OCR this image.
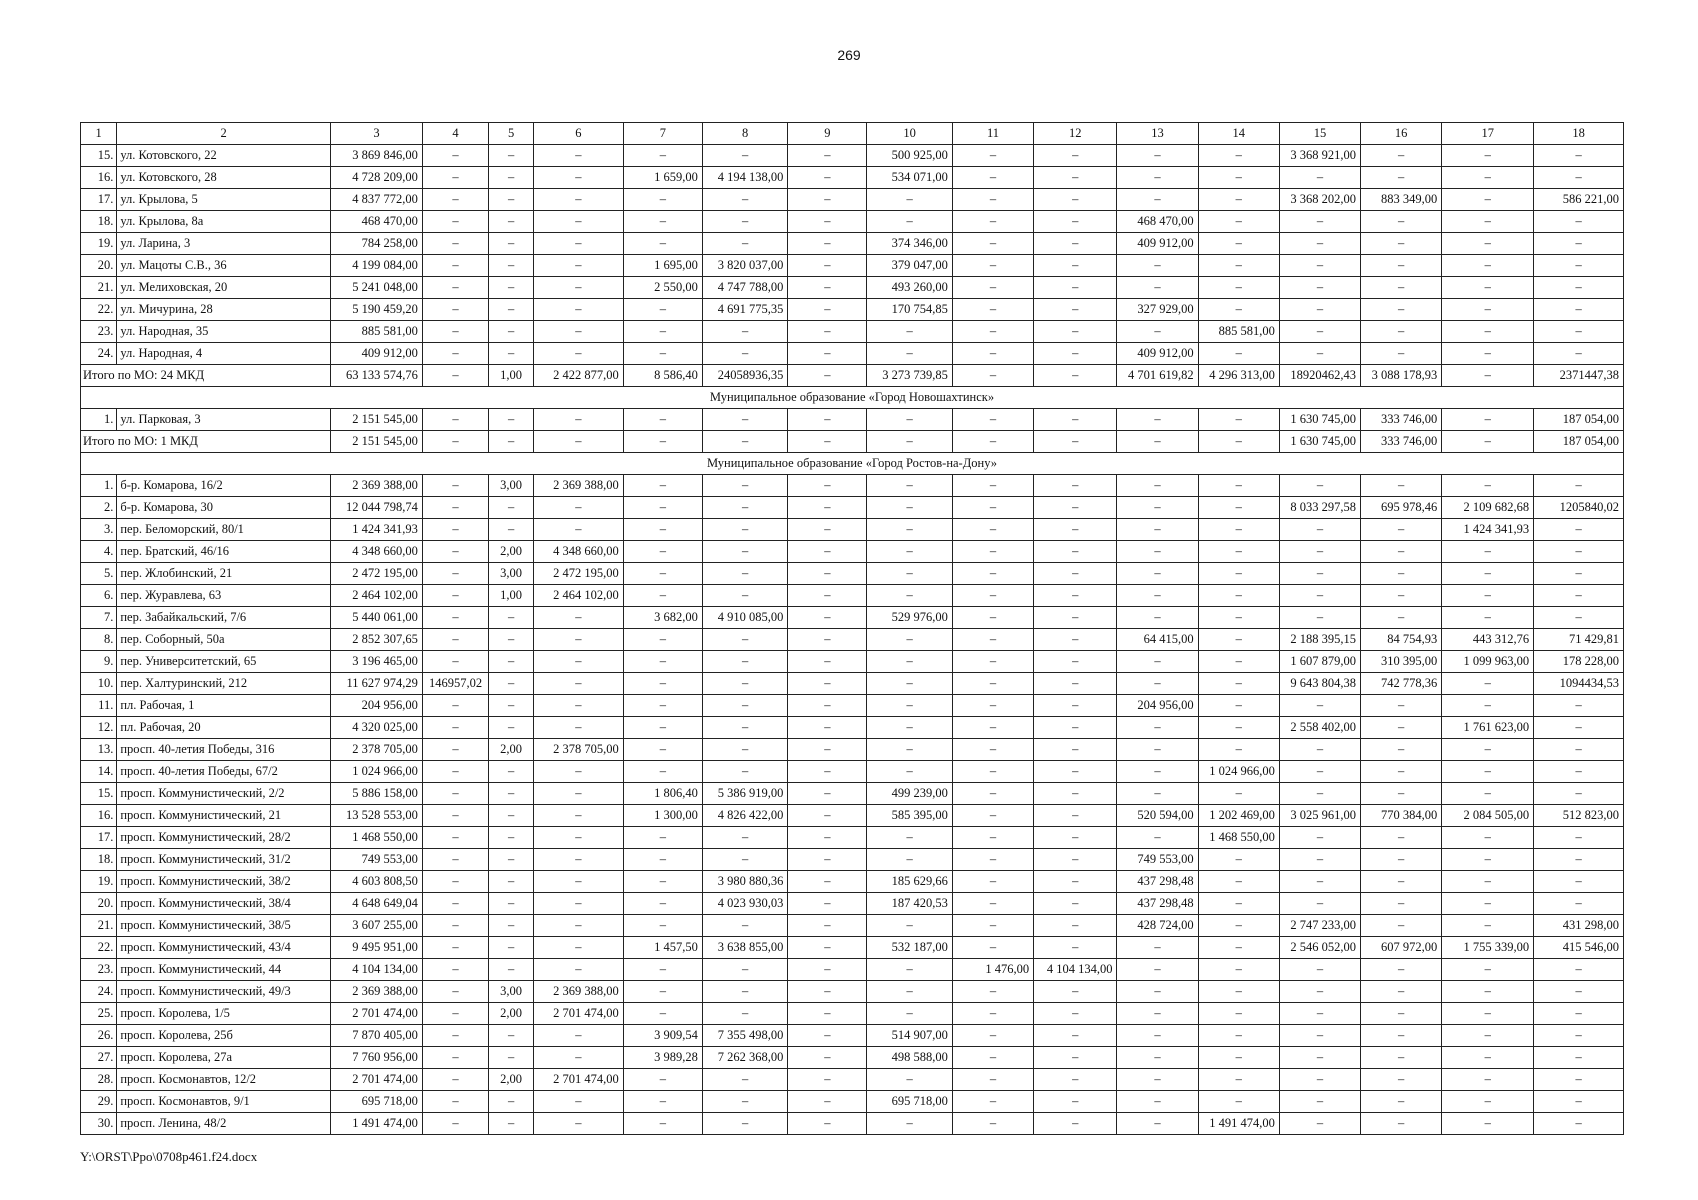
269
1	2	3	4	5	6	7	8	9	10	11	12	13	14	15	16	17	18
15.	ул. Котовского, 22	3 869 846,00	–	–	–	–	–	–	500 925,00	–	–	–	–	3 368 921,00	–	–	–
16.	ул. Котовского, 28	4 728 209,00	–	–	–	1 659,00	4 194 138,00	–	534 071,00	–	–	–	–	–	–	–	–
17.	ул. Крылова, 5	4 837 772,00	–	–	–	–	–	–	–	–	–	–	–	3 368 202,00	883 349,00	–	586 221,00
18.	ул. Крылова, 8а	468 470,00	–	–	–	–	–	–	–	–	–	468 470,00	–	–	–	–	–
19.	ул. Ларина, 3	784 258,00	–	–	–	–	–	–	374 346,00	–	–	409 912,00	–	–	–	–	–
20.	ул. Мацоты С.В., 36	4 199 084,00	–	–	–	1 695,00	3 820 037,00	–	379 047,00	–	–	–	–	–	–	–	–
21.	ул. Мелиховская, 20	5 241 048,00	–	–	–	2 550,00	4 747 788,00	–	493 260,00	–	–	–	–	–	–	–	–
22.	ул. Мичурина, 28	5 190 459,20	–	–	–	–	4 691 775,35	–	170 754,85	–	–	327 929,00	–	–	–	–	–
23.	ул. Народная, 35	885 581,00	–	–	–	–	–	–	–	–	–	–	885 581,00	–	–	–	–
24.	ул. Народная, 4	409 912,00	–	–	–	–	–	–	–	–	–	409 912,00	–	–	–	–	–
Итого по МО: 24 МКД		63 133 574,76	–	1,00	2 422 877,00	8 586,40	24058936,35	–	3 273 739,85	–	–	4 701 619,82	4 296 313,00	18920462,43	3 088 178,93	–	2371447,38
Муниципальное образование «Город Новошахтинск»																	
1.	ул. Парковая, 3	2 151 545,00	–	–	–	–	–	–	–	–	–	–	–	1 630 745,00	333 746,00	–	187 054,00
Итого по МО: 1 МКД		2 151 545,00	–	–	–	–	–	–	–	–	–	–	–	1 630 745,00	333 746,00	–	187 054,00
Муниципальное образование «Город Ростов-на-Дону»																	
1.	б-р. Комарова, 16/2	2 369 388,00	–	3,00	2 369 388,00	–	–	–	–	–	–	–	–	–	–	–	–
2.	б-р. Комарова, 30	12 044 798,74	–	–	–	–	–	–	–	–	–	–	–	8 033 297,58	695 978,46	2 109 682,68	1205840,02
3.	пер. Беломорский, 80/1	1 424 341,93	–	–	–	–	–	–	–	–	–	–	–	–	–	1 424 341,93	–
4.	пер. Братский, 46/16	4 348 660,00	–	2,00	4 348 660,00	–	–	–	–	–	–	–	–	–	–	–	–
5.	пер. Жлобинский, 21	2 472 195,00	–	3,00	2 472 195,00	–	–	–	–	–	–	–	–	–	–	–	–
6.	пер. Журавлева, 63	2 464 102,00	–	1,00	2 464 102,00	–	–	–	–	–	–	–	–	–	–	–	–
7.	пер. Забайкальский, 7/6	5 440 061,00	–	–	–	3 682,00	4 910 085,00	–	529 976,00	–	–	–	–	–	–	–	–
8.	пер. Соборный, 50а	2 852 307,65	–	–	–	–	–	–	–	–	–	64 415,00	–	2 188 395,15	84 754,93	443 312,76	71 429,81
9.	пер. Университетский, 65	3 196 465,00	–	–	–	–	–	–	–	–	–	–	–	1 607 879,00	310 395,00	1 099 963,00	178 228,00
10.	пер. Халтуринский, 212	11 627 974,29	146957,02	–	–	–	–	–	–	–	–	–	–	9 643 804,38	742 778,36	–	1094434,53
11.	пл. Рабочая, 1	204 956,00	–	–	–	–	–	–	–	–	–	204 956,00	–	–	–	–	–
12.	пл. Рабочая, 20	4 320 025,00	–	–	–	–	–	–	–	–	–	–	–	2 558 402,00	–	1 761 623,00	–
13.	просп. 40-летия Победы, 316	2 378 705,00	–	2,00	2 378 705,00	–	–	–	–	–	–	–	–	–	–	–	–
14.	просп. 40-летия Победы, 67/2	1 024 966,00	–	–	–	–	–	–	–	–	–	–	1 024 966,00	–	–	–	–
15.	просп. Коммунистический, 2/2	5 886 158,00	–	–	–	1 806,40	5 386 919,00	–	499 239,00	–	–	–	–	–	–	–	–
16.	просп. Коммунистический, 21	13 528 553,00	–	–	–	1 300,00	4 826 422,00	–	585 395,00	–	–	520 594,00	1 202 469,00	3 025 961,00	770 384,00	2 084 505,00	512 823,00
17.	просп. Коммунистический, 28/2	1 468 550,00	–	–	–	–	–	–	–	–	–	–	1 468 550,00	–	–	–	–
18.	просп. Коммунистический, 31/2	749 553,00	–	–	–	–	–	–	–	–	–	749 553,00	–	–	–	–	–
19.	просп. Коммунистический, 38/2	4 603 808,50	–	–	–	–	3 980 880,36	–	185 629,66	–	–	437 298,48	–	–	–	–	–
20.	просп. Коммунистический, 38/4	4 648 649,04	–	–	–	–	4 023 930,03	–	187 420,53	–	–	437 298,48	–	–	–	–	–
21.	просп. Коммунистический, 38/5	3 607 255,00	–	–	–	–	–	–	–	–	–	428 724,00	–	2 747 233,00	–	–	431 298,00
22.	просп. Коммунистический, 43/4	9 495 951,00	–	–	–	1 457,50	3 638 855,00	–	532 187,00	–	–	–	–	2 546 052,00	607 972,00	1 755 339,00	415 546,00
23.	просп. Коммунистический, 44	4 104 134,00	–	–	–	–	–	–	–	1 476,00	4 104 134,00	–	–	–	–	–	–
24.	просп. Коммунистический, 49/3	2 369 388,00	–	3,00	2 369 388,00	–	–	–	–	–	–	–	–	–	–	–	–
25.	просп. Королева, 1/5	2 701 474,00	–	2,00	2 701 474,00	–	–	–	–	–	–	–	–	–	–	–	–
26.	просп. Королева, 25б	7 870 405,00	–	–	–	3 909,54	7 355 498,00	–	514 907,00	–	–	–	–	–	–	–	–
27.	просп. Королева, 27а	7 760 956,00	–	–	–	3 989,28	7 262 368,00	–	498 588,00	–	–	–	–	–	–	–	–
28.	просп. Космонавтов, 12/2	2 701 474,00	–	2,00	2 701 474,00	–	–	–	–	–	–	–	–	–	–	–	–
29.	просп. Космонавтов, 9/1	695 718,00	–	–	–	–	–	–	695 718,00	–	–	–	–	–	–	–	–
30.	просп. Ленина, 48/2	1 491 474,00	–	–	–	–	–	–	–	–	–	–	1 491 474,00	–	–	–	–
Y:\ORST\Ppo\0708p461.f24.docx
